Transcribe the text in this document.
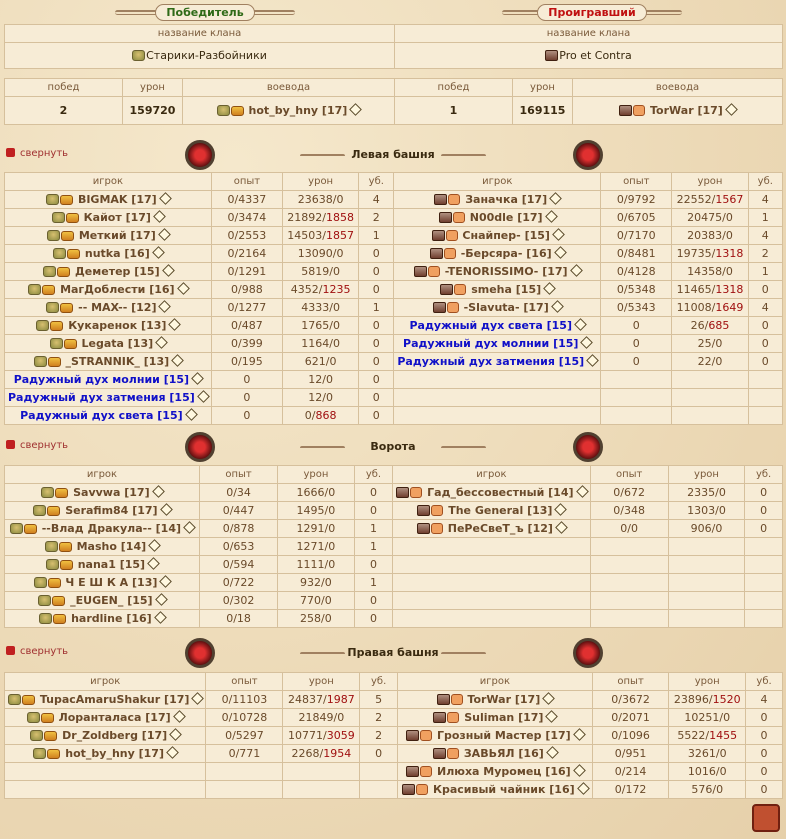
Победитель	Проигравший
название клана	название клана
Старики-Разбойники	Pro et Contra
побед	урон	воевода	побед	урон	воевода
2	159720	hot_by_hny [17]	1	169115	TorWar [17]
свернуть	Левая башня
игрок	опыт	урон	уб.	игрок	опыт	урон	уб.
BIGMAK [17]	0/4337	23638/0	4	Заначка [17]	0/9792	22552/1567	4
Кайот [17]	0/3474	21892/1858	2	N00dle [17]	0/6705	20475/0	1
Меткий [17]	0/2553	14503/1857	1	Снайпер- [15]	0/7170	20383/0	4
nutka [16]	0/2164	13090/0	0	-Берсяра- [16]	0/8481	19735/1318	2
Деметер [15]	0/1291	5819/0	0	-TENORISSIMO- [17]	0/4128	14358/0	1
МагДоблести [16]	0/988	4352/1235	0	smeha [15]	0/5348	11465/1318	0
-- MAX-- [12]	0/1277	4333/0	1	-Slavuta- [17]	0/5343	11008/1649	4
Кукаренок [13]	0/487	1765/0	0	Радужный дух света [15]	0	26/685	0
Legata [13]	0/399	1164/0	0	Радужный дух молнии [15]	0	25/0	0
_STRANNIK_ [13]	0/195	621/0	0	Радужный дух затмения [15]	0	22/0	0
Радужный дух молнии [15]	0	12/0	0				
Радужный дух затмения [15]	0	12/0	0				
Радужный дух света [15]	0	0/868	0				
свернуть	Ворота
игрок	опыт	урон	уб.	игрок	опыт	урон	уб.
Savvwa [17]	0/34	1666/0	0	Гад_бессовестный [14]	0/672	2335/0	0
Serafim84 [17]	0/447	1495/0	0	The General [13]	0/348	1303/0	0
--Влад Дракула-- [14]	0/878	1291/0	1	ПеРеСвеТ_ъ [12]	0/0	906/0	0
Masho [14]	0/653	1271/0	1				
nana1 [15]	0/594	1111/0	0				
Ч Е Ш К А [13]	0/722	932/0	1				
_EUGEN_ [15]	0/302	770/0	0				
hardline [16]	0/18	258/0	0				
свернуть	Правая башня
игрок	опыт	урон	уб.	игрок	опыт	урон	уб.
TupacAmaruShakur [17]	0/11103	24837/1987	5	TorWar [17]	0/3672	23896/1520	4
Лоранталаса [17]	0/10728	21849/0	2	Suliman [17]	0/2071	10251/0	0
Dr_Zoldberg [17]	0/5297	10771/3059	2	Грозный Мастер [17]	0/1096	5522/1455	0
hot_by_hny [17]	0/771	2268/1954	0	ЗАВЬЯЛ [16]	0/951	3261/0	0
				Илюха Муромец [16]	0/214	1016/0	0
				Красивый чайник [16]	0/172	576/0	0
